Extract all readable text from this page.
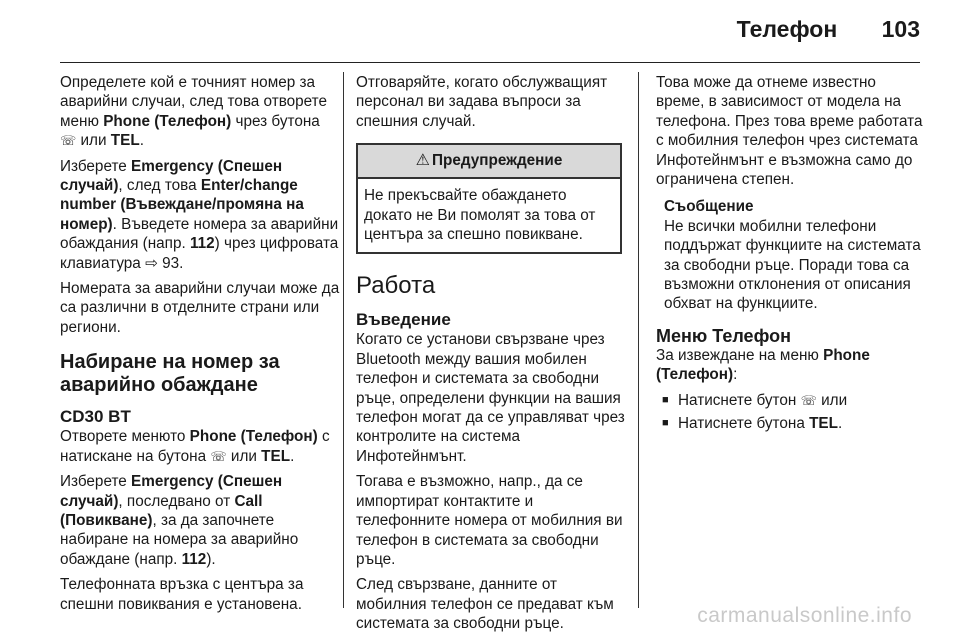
Телефон 103

Определете кой е точният номер за аварийни случаи, след това отворете меню Phone (Телефон) чрез бутона ☏ или TEL.

Изберете Emergency (Спешен случай), след това Enter/change number (Въвеждане/промяна на номер). Въведете номера за аварийни обаждания (напр. 112) чрез цифровата клавиатура ⇨ 93.

Номерата за аварийни случаи може да са различни в отделните страни или региони.

Набиране на номер за аварийно обаждане
CD30 BT

Отворете менюто Phone (Телефон) с натискане на бутона ☏ или TEL.

Изберете Emergency (Спешен случай), последвано от Call (Повикване), за да започнете набиране на номера за аварийно обаждане (напр. 112).

Телефонната връзка с центъра за спешни повиквания е установена.

Отговаряйте, когато обслужващият персонал ви задава въпроси за спешния случай.

⚠ Предупреждение
Не прекъсвайте обаждането докато не Ви помолят за това от центъра за спешно повикване.
Работа
Въведение

Когато се установи свързване чрез Bluetooth между вашия мобилен телефон и системата за свободни ръце, определени функции на вашия телефон могат да се управляват чрез контролите на система Инфотейнмънт.

Тогава е възможно, напр., да се импортират контактите и телефонните номера от мобилния ви телефон в системата за свободни ръце.

След свързване, данните от мобилния телефон се предават към системата за свободни ръце.

Това може да отнеме известно време, в зависимост от модела на телефона. През това време работата с мобилния телефон чрез системата Инфотейнмънт е възможна само до ограничена степен.

Съобщение
Не всички мобилни телефони поддържат функциите на системата за свободни ръце. Поради това са възможни отклонения от описания обхват на функциите.
Меню Телефон

За извеждане на меню Phone (Телефон):

■ Натиснете бутон ☏ или
■ Натиснете бутона TEL.
carmanualsonline.info
